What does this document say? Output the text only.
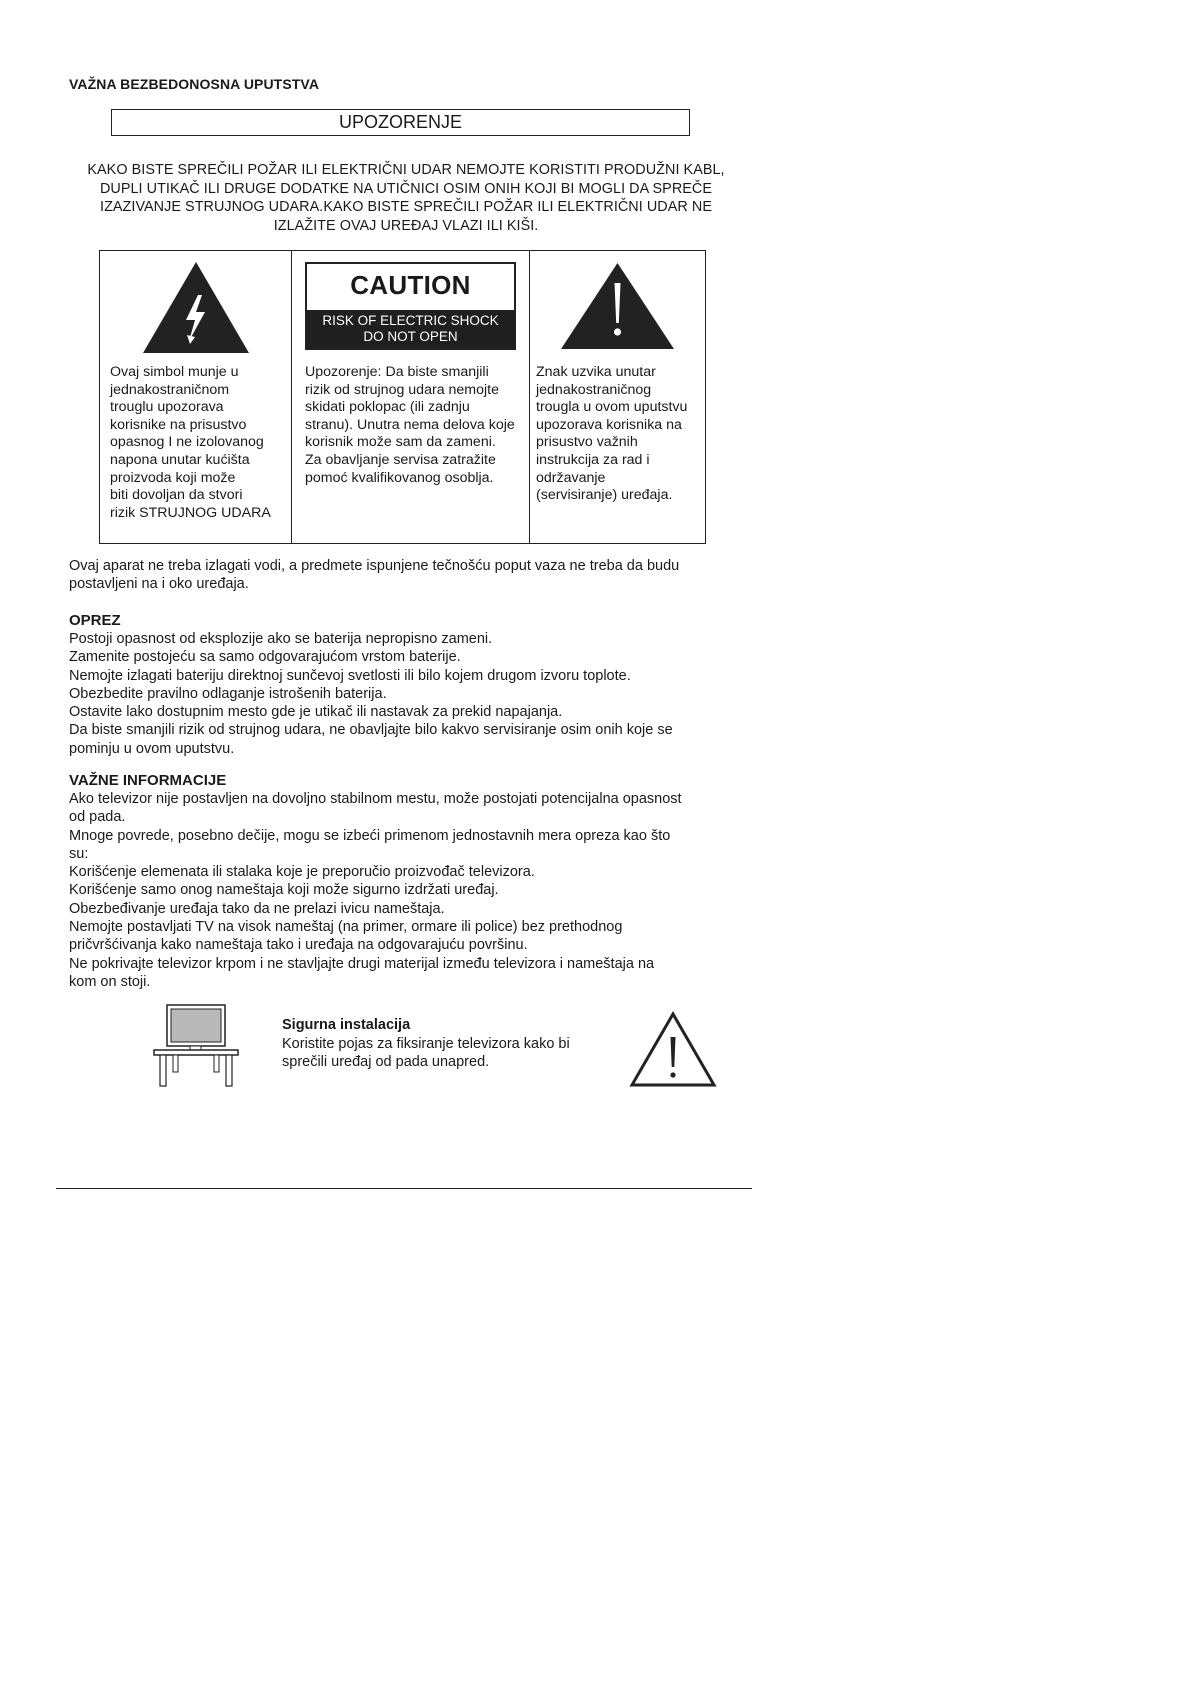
VAŽNA BEZBEDONOSNA UPUTSTVA
UPOZORENJE
KAKO BISTE SPREČILI POŽAR ILI ELEKTRIČNI UDAR NEMOJTE KORISTITI PRODUŽNI KABL,
DUPLI UTIKAČ ILI DRUGE DODATKE NA UTIČNICI OSIM ONIH KOJI BI MOGLI DA SPREČE
IZAZIVANJE STRUJNOG UDARA.KAKO BISTE SPREČILI POŽAR ILI ELEKTRIČNI UDAR NE
IZLAŽITE OVAJ UREĐAJ VLAZI ILI KIŠI.
Ovaj simbol munje u
jednakostraničnom
trouglu upozorava
korisnike na prisustvo
opasnog I ne izolovanog
napona unutar kućišta
proizvoda koji može
biti dovoljan da stvori
rizik STRUJNOG UDARA
CAUTION
RISK OF ELECTRIC SHOCK
DO NOT OPEN
Upozorenje: Da biste smanjili
rizik od strujnog udara nemojte
skidati poklopac (ili zadnju
stranu). Unutra nema delova koje
korisnik može sam da zameni.
Za obavljanje servisa zatražite
pomoć kvalifikovanog osoblja.
Znak uzvika unutar
jednakostraničnog
trougla u ovom uputstvu
upozorava korisnika na
prisustvo važnih
instrukcija za rad i
održavanje
(servisiranje) uređaja.
Ovaj aparat ne treba izlagati vodi, a predmete ispunjene tečnošću poput vaza ne treba da budu
postavljeni na i oko uređaja.
OPREZ
Postoji opasnost od eksplozije ako se baterija nepropisno zameni.
Zamenite postojeću sa samo odgovarajućom vrstom baterije.
Nemojte izlagati bateriju direktnoj sunčevoj svetlosti ili bilo kojem drugom izvoru toplote.
Obezbedite pravilno odlaganje istrošenih baterija.
Ostavite lako dostupnim mesto gde je utikač ili nastavak za prekid napajanja.
Da biste smanjili rizik od strujnog udara, ne obavljajte bilo kakvo servisiranje osim onih koje se
pominju u ovom uputstvu.
VAŽNE INFORMACIJE
Ako televizor nije postavljen na dovoljno stabilnom mestu, može postojati potencijalna opasnost
od pada.
Mnoge povrede, posebno dečije, mogu se izbeći primenom jednostavnih mera opreza kao što
su:
Korišćenje elemenata ili stalaka koje je preporučio proizvođač televizora.
Korišćenje samo onog nameštaja koji može sigurno izdržati uređaj.
Obezbeđivanje uređaja tako da ne prelazi ivicu nameštaja.
Nemojte postavljati TV na visok nameštaj (na primer, ormare ili police) bez prethodnog
pričvršćivanja kako nameštaja tako i uređaja na odgovarajuću površinu.
Ne pokrivajte televizor krpom i ne stavljajte drugi materijal između televizora i nameštaja na
kom on stoji.
Sigurna instalacija
Koristite pojas za fiksiranje televizora kako bi
sprečili uređaj od pada unapred.
